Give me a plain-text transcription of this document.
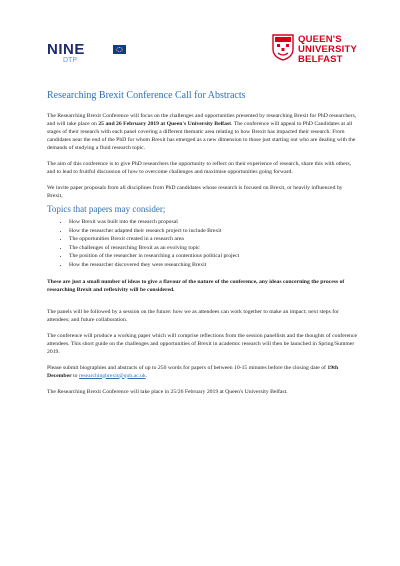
NINE
DTP
QUEEN'S
UNIVERSITY
BELFAST
Researching Brexit Conference Call for Abstracts

The Researching Brexit Conference will focus on the challenges and opportunities presented by researching Brexit for PhD researchers, and will take place on 25 and 26 February 2019 at Queen's University Belfast. The conference will appeal to PhD Candidates at all stages of their research with each panel covering a different thematic area relating to how Brexit has impacted their research. From candidates near the end of the PhD for whom Brexit has emerged as a new dimension to those just starting out who are dealing with the demands of studying a fluid research topic.

The aim of this conference is to give PhD researchers the opportunity to reflect on their experience of research, share this with others, and to lead to fruitful discussion of how to overcome challenges and maximise opportunities going forward.

We invite paper proposals from all disciplines from PhD candidates whose research is focused on Brexit, or heavily influenced by Brexit,

Topics that papers may consider;

• How Brexit was built into the research proposal
• How the researcher adapted their research project to include Brexit
• The opportunities Brexit created in a research area
• The challenges of researching Brexit as an evolving topic
• The position of the researcher in researching a contentious political project
• How the researcher discovered they were researching Brexit

These are just a small number of ideas to give a flavour of the nature of the conference, any ideas concerning the process of researching Brexit and reflexivity will be considered.

The panels will be followed by a session on the future: how we as attendees can work together to make an impact; next steps for attendees; and future collaboration.

The conference will produce a working paper which will comprise reflections from the session panellists and the thoughts of conference attendees. This short guide on the challenges and opportunities of Brexit in academic research will then be launched in Spring/Summer 2019.

Please submit biographies and abstracts of up to 250 words for papers of between 10-15 minutes before the closing date of 19th December to researchingbrexit@qub.ac.uk.

The Researching Brexit Conference will take place in 25/26 February 2019 at Queen's University Belfast.
